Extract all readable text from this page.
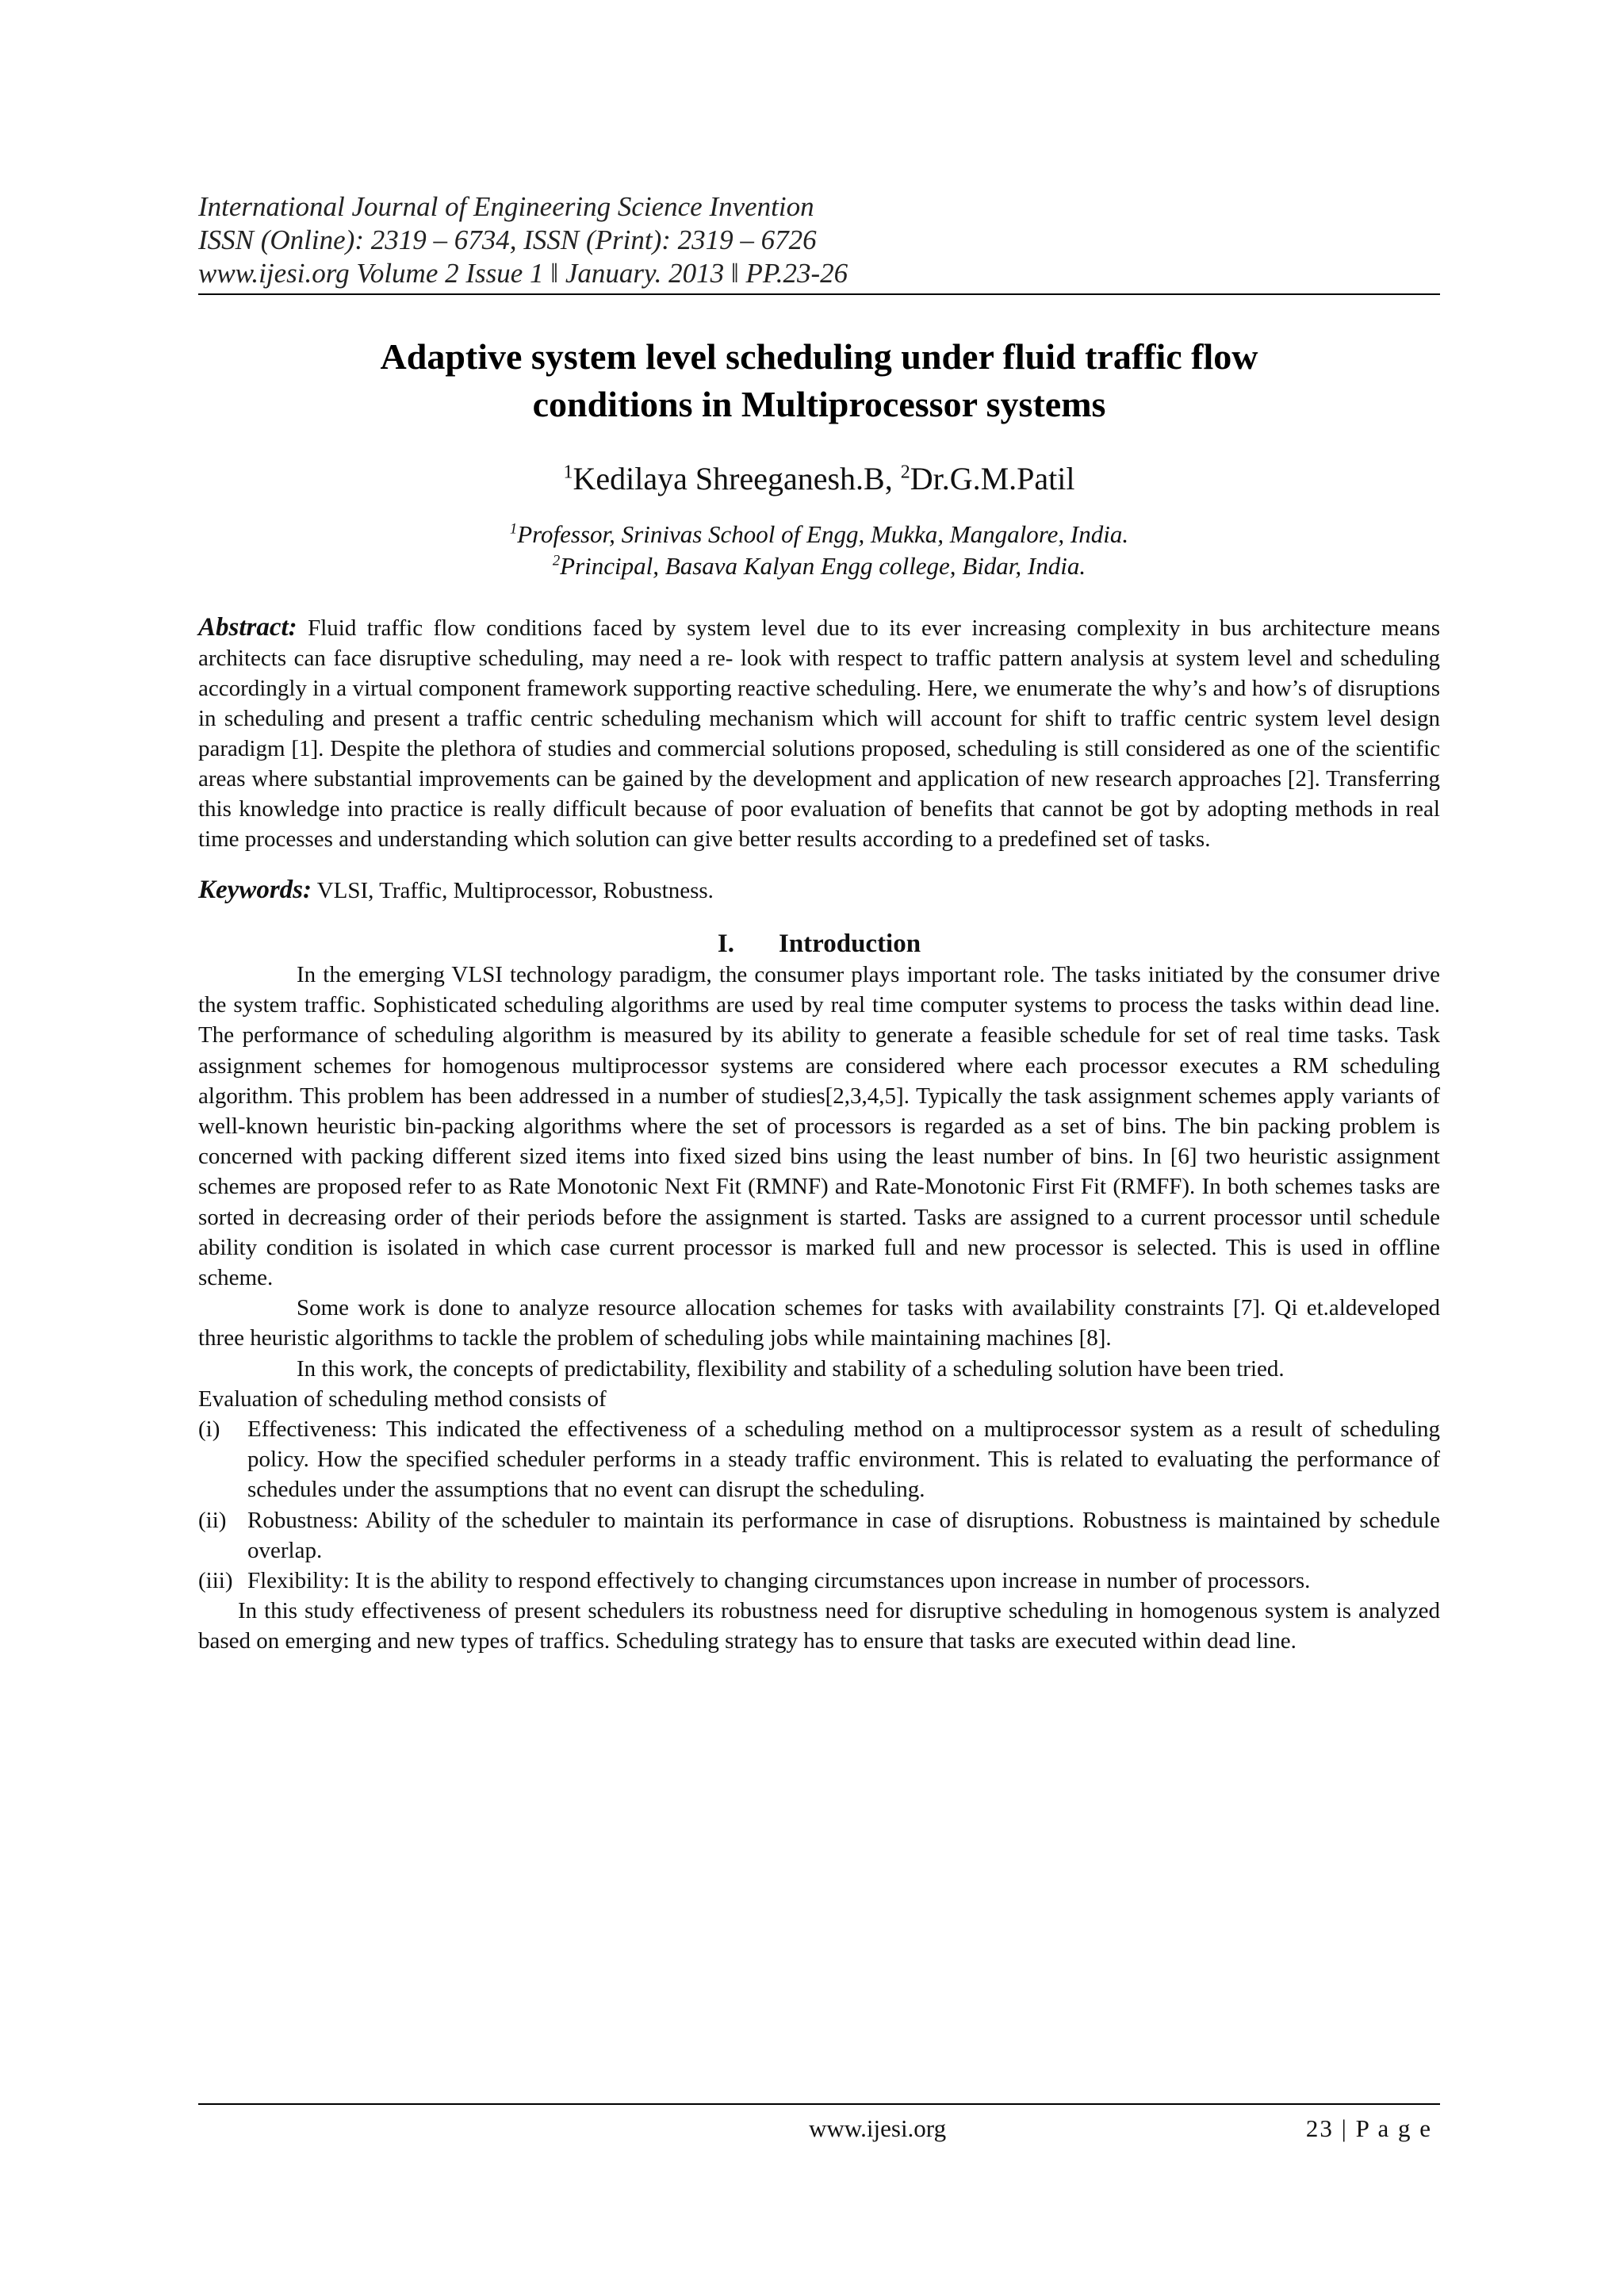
International Journal of Engineering Science Invention
ISSN (Online): 2319 – 6734, ISSN (Print): 2319 – 6726
www.ijesi.org Volume 2 Issue 1 ‖ January. 2013 ‖ PP.23-26
Adaptive system level scheduling under fluid traffic flow
conditions in Multiprocessor systems
$^1$Kedilaya Shreeganesh.B, $^2$Dr.G.M.Patil
$^1$Professor, Srinivas School of Engg, Mukka, Mangalore, India.
$^2$Principal, Basava Kalyan Engg college, Bidar, India.
Abstract: Fluid traffic flow conditions faced by system level due to its ever increasing complexity in bus architecture means architects can face disruptive scheduling, may need a re- look with respect to traffic pattern analysis at system level and scheduling accordingly in a virtual component framework supporting reactive scheduling. Here, we enumerate the why’s and how’s of disruptions in scheduling and present a traffic centric scheduling mechanism which will account for shift to traffic centric system level design paradigm [1]. Despite the plethora of studies and commercial solutions proposed, scheduling is still considered as one of the scientific areas where substantial improvements can be gained by the development and application of new research approaches [2]. Transferring this knowledge into practice is really difficult because of poor evaluation of benefits that cannot be got by adopting methods in real time processes and understanding which solution can give better results according to a predefined set of tasks.
Keywords: VLSI, Traffic, Multiprocessor, Robustness.
I. Introduction

In the emerging VLSI technology paradigm, the consumer plays important role. The tasks initiated by the consumer drive the system traffic. Sophisticated scheduling algorithms are used by real time computer systems to process the tasks within dead line. The performance of scheduling algorithm is measured by its ability to generate a feasible schedule for set of real time tasks. Task assignment schemes for homogenous multiprocessor systems are considered where each processor executes a RM scheduling algorithm. This problem has been addressed in a number of studies[2,3,4,5]. Typically the task assignment schemes apply variants of well-known heuristic bin-packing algorithms where the set of processors is regarded as a set of bins. The bin packing problem is concerned with packing different sized items into fixed sized bins using the least number of bins. In [6] two heuristic assignment schemes are proposed refer to as Rate Monotonic Next Fit (RMNF) and Rate-Monotonic First Fit (RMFF). In both schemes tasks are sorted in decreasing order of their periods before the assignment is started. Tasks are assigned to a current processor until schedule ability condition is isolated in which case current processor is marked full and new processor is selected. This is used in offline scheme.

Some work is done to analyze resource allocation schemes for tasks with availability constraints [7]. Qi et.aldeveloped three heuristic algorithms to tackle the problem of scheduling jobs while maintaining machines [8].

In this work, the concepts of predictability, flexibility and stability of a scheduling solution have been tried.

Evaluation of scheduling method consists of

(i) Effectiveness: This indicated the effectiveness of a scheduling method on a multiprocessor system as a result of scheduling policy. How the specified scheduler performs in a steady traffic environment. This is related to evaluating the performance of schedules under the assumptions that no event can disrupt the scheduling.
(ii) Robustness: Ability of the scheduler to maintain its performance in case of disruptions. Robustness is maintained by schedule overlap.
(iii) Flexibility: It is the ability to respond effectively to changing circumstances upon increase in number of processors.

In this study effectiveness of present schedulers its robustness need for disruptive scheduling in homogenous system is analyzed based on emerging and new types of traffics. Scheduling strategy has to ensure that tasks are executed within dead line.

www.ijesi.org	23 | P a g e
